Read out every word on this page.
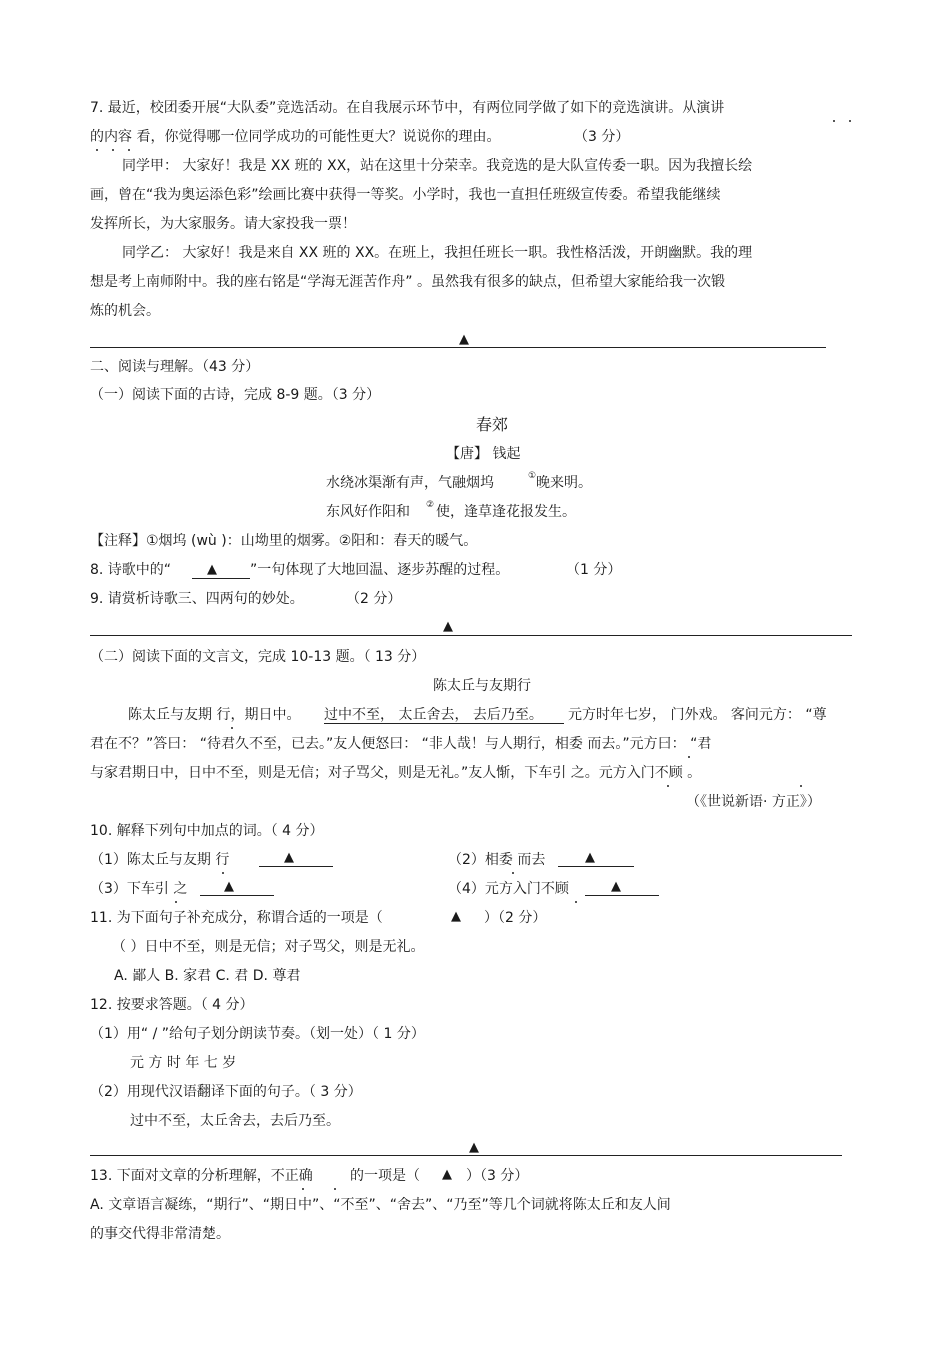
7. 最近，校团委开展“大队委”竞选活动。在自我展示环节中，有两位同学做了如下的竞选演讲。从演讲
的内容 看，你觉得哪一位同学成功的可能性更大？说说你的理由。	（3 分）
同学甲： 大家好！我是 XX 班的 XX，站在这里十分荣幸。我竞选的是大队宣传委一职。因为我擅长绘
画，曾在“我为奥运添色彩”绘画比赛中获得一等奖。小学时，我也一直担任班级宣传委。希望我能继续
发挥所长，为大家服务。请大家投我一票！
同学乙： 大家好！我是来自 XX 班的 XX。在班上，我担任班长一职。我性格活泼，开朗幽默。我的理
想是考上南师附中。我的座右铭是“学海无涯苦作舟” 。虽然我有很多的缺点，但希望大家能给我一次锻
炼的机会。
▲
二、阅读与理解。（43 分）
（一）阅读下面的古诗，完成 8-9 题。（3 分）
春郊
【唐】 钱起
水绕冰渠渐有声，气融烟坞	① 晚来明。
东风好作阳和 ② 使，逢草逢花报发生。
【注释】①烟坞 (wù )：山坳里的烟雾。②阳和：春天的暖气。
8. 诗歌中的“	▲ ”一句体现了大地回温、逐步苏醒的过程。	（1 分）
9. 请赏析诗歌三、四两句的妙处。	（2 分）
▲
（二）阅读下面的文言文，完成 10-13 题。（ 13 分）
陈太丘与友期行
陈太丘与友期 行，期日中。 过中不至， 太丘舍去， 去后乃至。 元方时年七岁， 门外戏。 客问元方： “尊
君在不？”答曰： “待君久不至，已去。”友人便怒曰： “非人哉！与人期行，相委 而去。”元方曰： “君
与家君期日中，日中不至，则是无信；对子骂父，则是无礼。”友人惭，下车引 之。元方入门不顾 。
（《世说新语· 方正》）
10. 解释下列句中加点的词。（ 4 分）
（1）陈太丘与友期 行	▲	（2）相委 而去	▲
（3）下车引 之	▲	（4）元方入门不顾	▲
11. 为下面句子补充成分，称谓合适的一项是（	▲ ）（2 分）
（ ）日中不至，则是无信；对子骂父，则是无礼。
A. 鄙人 B. 家君 C. 君 D. 尊君
12. 按要求答题。（ 4 分）
（1）用“ / ”给句子划分朗读节奏。（划一处）（ 1 分）
元 方 时 年 七 岁
（2）用现代汉语翻译下面的句子。（ 3 分）
过中不至，太丘舍去，去后乃至。
▲
13. 下面对文章的分析理解，不正确	的一项是（ ▲ ）（3 分）
A. 文章语言凝练，“期行”、“期日中”、“不至”、“舍去”、“乃至”等几个词就将陈太丘和友人间
的事交代得非常清楚。
